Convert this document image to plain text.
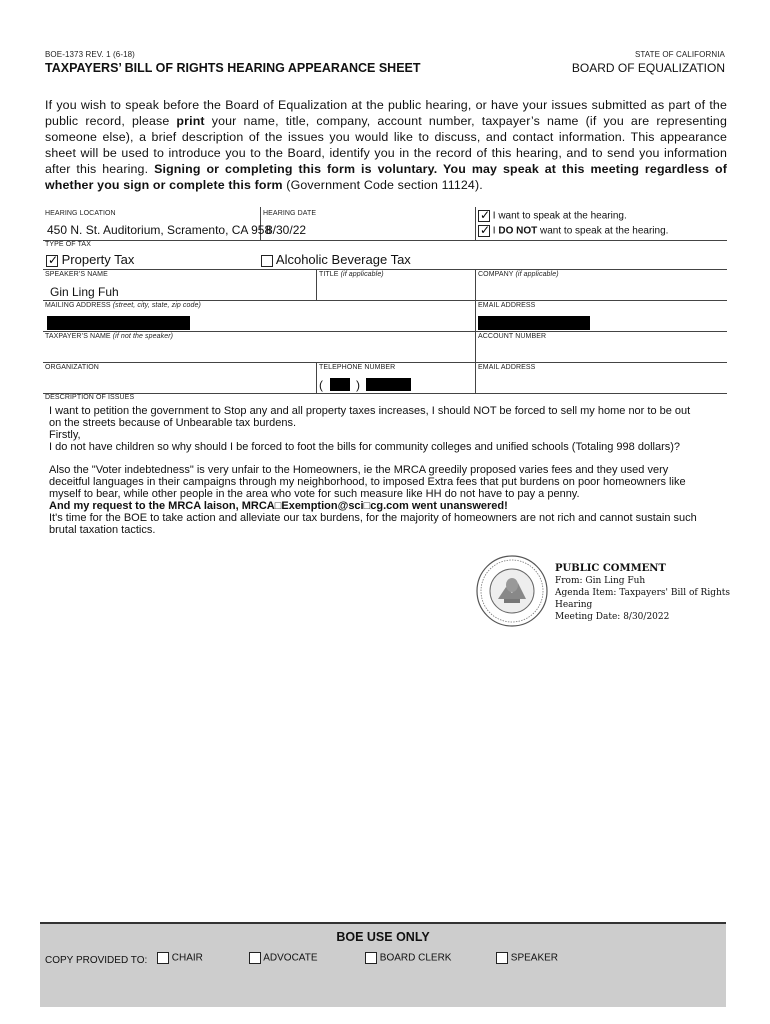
BOE-1373 REV. 1 (6-18)
TAXPAYERS’ BILL OF RIGHTS HEARING APPEARANCE SHEET
STATE OF CALIFORNIA
BOARD OF EQUALIZATION
If you wish to speak before the Board of Equalization at the public hearing, or have your issues submitted as part of the public record, please print your name, title, company, account number, taxpayer’s name (if you are representing someone else), a brief description of the issues you would like to discuss, and contact information. This appearance sheet will be used to introduce you to the Board, identify you in the record of this hearing, and to send you information after this hearing. Signing or completing this form is voluntary. You may speak at this meeting regardless of whether you sign or complete this form (Government Code section 11124).
HEARING LOCATION
450 N. St. Auditorium, Scramento, CA 958
HEARING DATE
8/30/22
✓ I want to speak at the hearing.
✓ I DO NOT want to speak at the hearing.
TYPE OF TAX
✓ Property Tax	Alcoholic Beverage Tax
SPEAKER’S NAME
Gin Ling Fuh
TITLE (if applicable)	COMPANY (if applicable)
MAILING ADDRESS (street, city, state, zip code)	EMAIL ADDRESS
TAXPAYER’S NAME (if not the speaker)	ACCOUNT NUMBER
ORGANIZATION	TELEPHONE NUMBER
(	)
EMAIL ADDRESS
DESCRIPTION OF ISSUES
I want to petition the government to Stop any and all property taxes increases, I should NOT be forced to sell my home nor to be out
on the streets because of Unbearable tax burdens.
Firstly,
I do not have children so why should I be forced to foot the bills for community colleges and unified schools (Totaling 998 dollars)?
Also the "Voter indebtedness" is very unfair to the Homeowners, ie the MRCA greedily proposed varies fees and they used very
deceitful languages in their campaigns through my neighborhood, to imposed Extra fees that put burdens on poor homeowners like
myself to bear, while other people in the area who vote for such measure like HH do not have to pay a penny.
And my request to the MRCA laison, MRCA□Exemption@sci□cg.com went unanswered!
It's time for the BOE to take action and alleviate our tax burdens, for the majority of homeowners are not rich and cannot sustain such
brutal taxation tactics.
PUBLIC COMMENT
From: Gin Ling Fuh
Agenda Item: Taxpayers' Bill of Rights
Hearing
Meeting Date: 8/30/2022
BOE USE ONLY
COPY PROVIDED TO:	CHAIR	ADVOCATE	BOARD CLERK	SPEAKER
